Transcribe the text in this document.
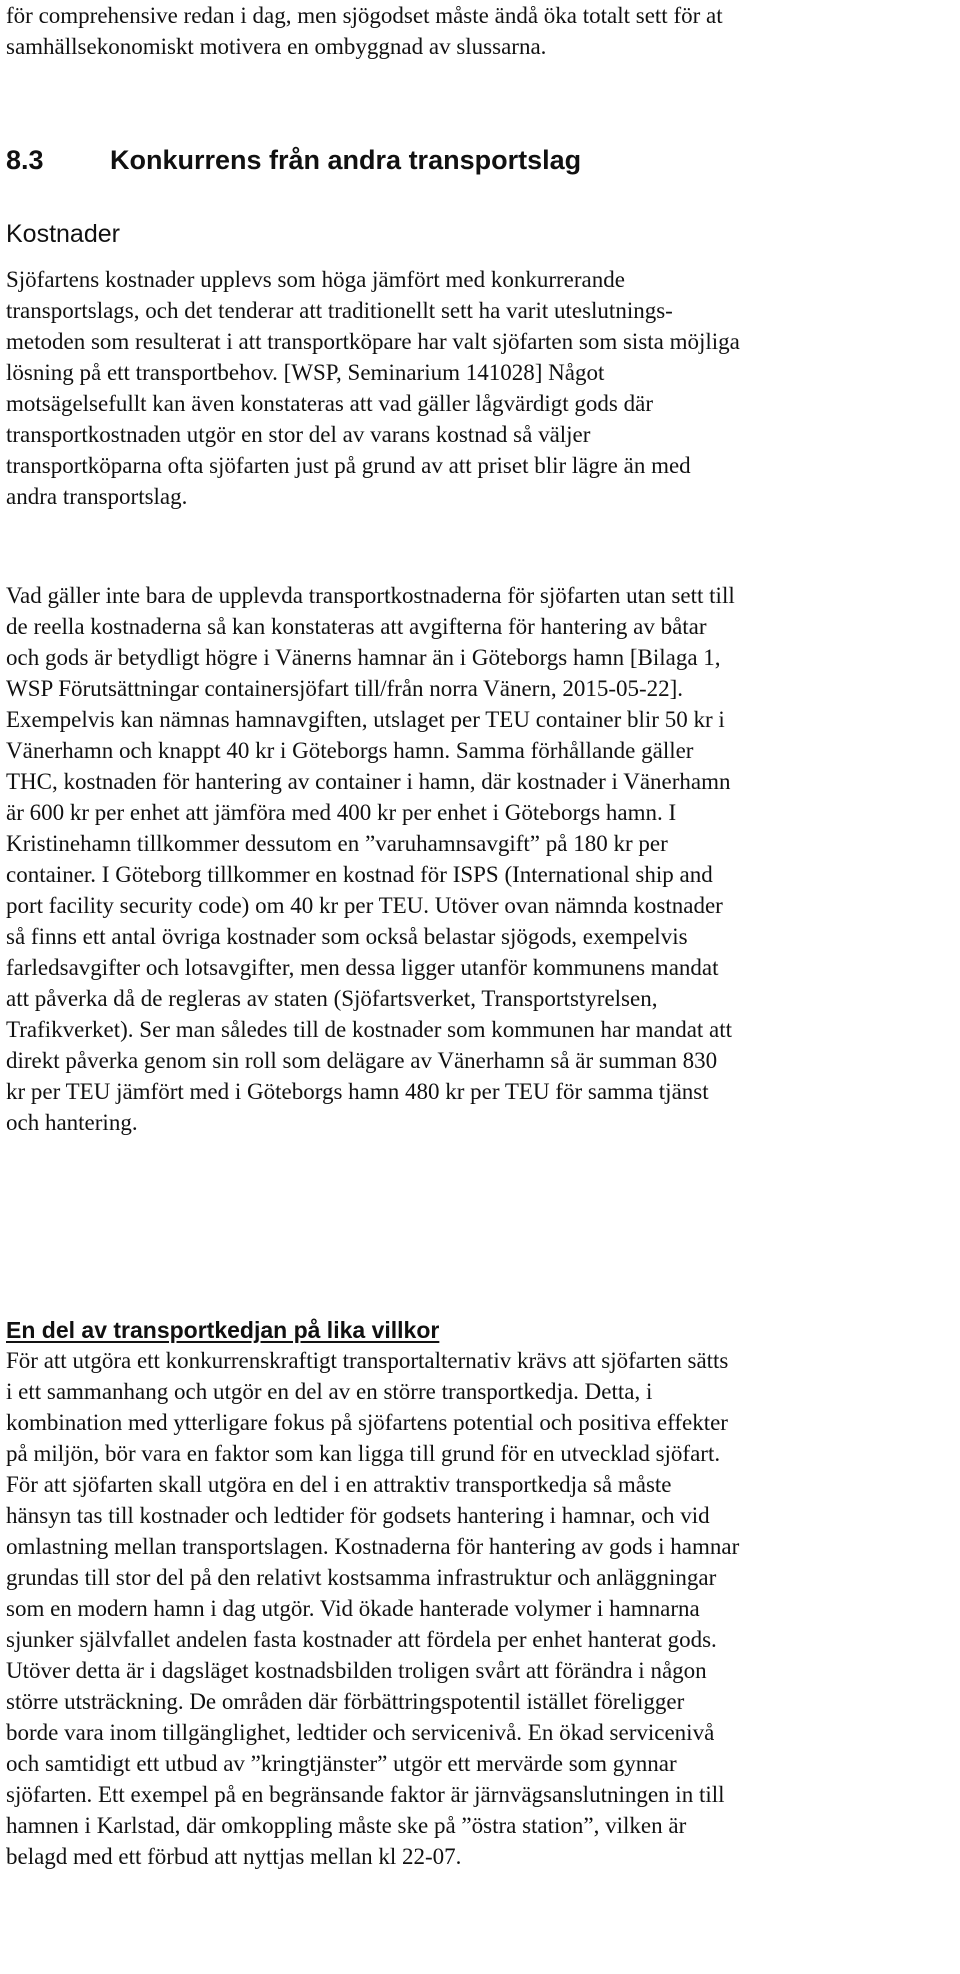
för comprehensive redan i dag, men sjögodset måste ändå öka totalt sett för at
samhällsekonomiskt motivera en ombyggnad av slussarna.

8.3 Konkurrens från andra transportslag
Kostnader

Sjöfartens kostnader upplevs som höga jämfört med konkurrerande
transportslags, och det tenderar att traditionellt sett ha varit uteslutnings-
metoden som resulterat i att transportköpare har valt sjöfarten som sista möjliga
lösning på ett transportbehov. [WSP, Seminarium 141028] Något
motsägelsefullt kan även konstateras att vad gäller lågvärdigt gods där
transportkostnaden utgör en stor del av varans kostnad så väljer
transportköparna ofta sjöfarten just på grund av att priset blir lägre än med
andra transportslag.

Vad gäller inte bara de upplevda transportkostnaderna för sjöfarten utan sett till
de reella kostnaderna så kan konstateras att avgifterna för hantering av båtar
och gods är betydligt högre i Vänerns hamnar än i Göteborgs hamn [Bilaga 1,
WSP Förutsättningar containersjöfart till/från norra Vänern, 2015-05-22].
Exempelvis kan nämnas hamnavgiften, utslaget per TEU container blir 50 kr i
Vänerhamn och knappt 40 kr i Göteborgs hamn. Samma förhållande gäller
THC, kostnaden för hantering av container i hamn, där kostnader i Vänerhamn
är 600 kr per enhet att jämföra med 400 kr per enhet i Göteborgs hamn. I
Kristinehamn tillkommer dessutom en ”varuhamnsavgift” på 180 kr per
container. I Göteborg tillkommer en kostnad för ISPS (International ship and
port facility security code) om 40 kr per TEU. Utöver ovan nämnda kostnader
så finns ett antal övriga kostnader som också belastar sjögods, exempelvis
farledsavgifter och lotsavgifter, men dessa ligger utanför kommunens mandat
att påverka då de regleras av staten (Sjöfartsverket, Transportstyrelsen,
Trafikverket). Ser man således till de kostnader som kommunen har mandat att
direkt påverka genom sin roll som delägare av Vänerhamn så är summan 830
kr per TEU jämfört med i Göteborgs hamn 480 kr per TEU för samma tjänst
och hantering.

En del av transportkedjan på lika villkor

För att utgöra ett konkurrenskraftigt transportalternativ krävs att sjöfarten sätts
i ett sammanhang och utgör en del av en större transportkedja. Detta, i
kombination med ytterligare fokus på sjöfartens potential och positiva effekter
på miljön, bör vara en faktor som kan ligga till grund för en utvecklad sjöfart.
För att sjöfarten skall utgöra en del i en attraktiv transportkedja så måste
hänsyn tas till kostnader och ledtider för godsets hantering i hamnar, och vid
omlastning mellan transportslagen. Kostnaderna för hantering av gods i hamnar
grundas till stor del på den relativt kostsamma infrastruktur och anläggningar
som en modern hamn i dag utgör. Vid ökade hanterade volymer i hamnarna
sjunker självfallet andelen fasta kostnader att fördela per enhet hanterat gods.
Utöver detta är i dagsläget kostnadsbilden troligen svårt att förändra i någon
större utsträckning. De områden där förbättringspotentil istället föreligger
borde vara inom tillgänglighet, ledtider och servicenivå. En ökad servicenivå
och samtidigt ett utbud av ”kringtjänster” utgör ett mervärde som gynnar
sjöfarten. Ett exempel på en begränsande faktor är järnvägsanslutningen in till
hamnen i Karlstad, där omkoppling måste ske på ”östra station”, vilken är
belagd med ett förbud att nyttjas mellan kl 22-07.
